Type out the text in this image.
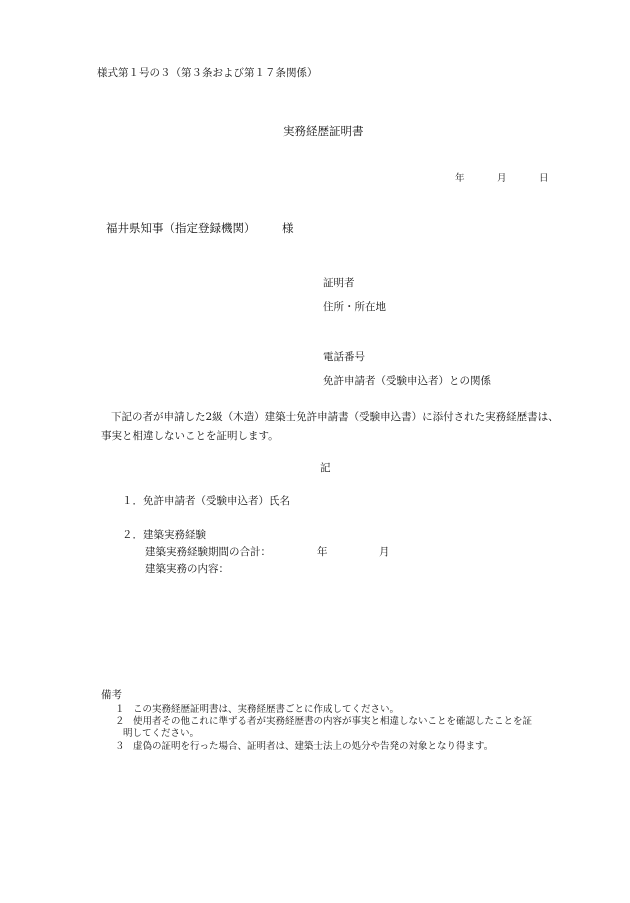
様式第１号の３（第３条および第１７条関係）
実務経歴証明書
年	月	日
福井県知事（指定登録機関） 様
証明者
住所・所在地
電話番号
免許申請者（受験申込者）との関係
下記の者が申請した2級（木造）建築士免許申請書（受験申込書）に添付された実務経歴書は、
事実と相違しないことを証明します。
記
１．免許申請者（受験申込者）氏名
２．建築実務経験
建築実務経験期間の合計：	年	月
建築実務の内容：
備考
１ この実務経歴証明書は、実務経歴書ごとに作成してください。
２ 使用者その他これに準ずる者が実務経歴書の内容が事実と相違しないことを確認したことを証
明してください。
３ 虚偽の証明を行った場合、証明者は、建築士法上の処分や告発の対象となり得ます。
